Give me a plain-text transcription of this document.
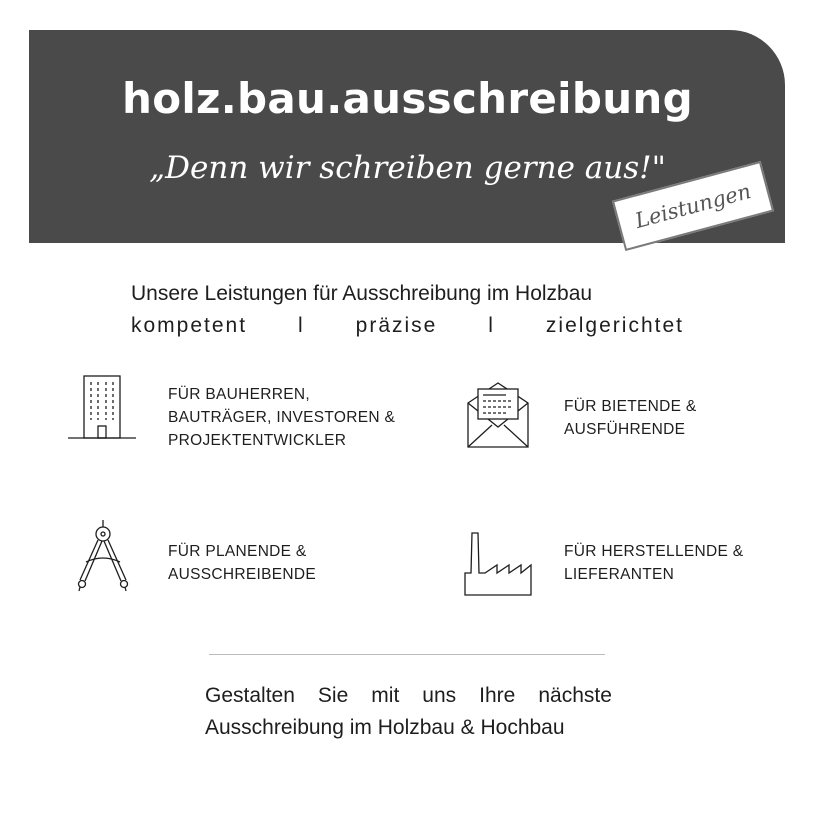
holz.bau.ausschreibung
„Denn wir schreiben gerne aus!"
Leistungen
Unsere Leistungen für Ausschreibung im Holzbau
kompetent l präzise l zielgerichtet
FÜR BAUHERREN,
BAUTRÄGER, INVESTOREN &
PROJEKTENTWICKLER
FÜR BIETENDE &
AUSFÜHRENDE
FÜR PLANENDE &
AUSSCHREIBENDE
FÜR HERSTELLENDE &
LIEFERANTEN
Gestalten Sie mit uns Ihre nächste
Ausschreibung im Holzbau & Hochbau
